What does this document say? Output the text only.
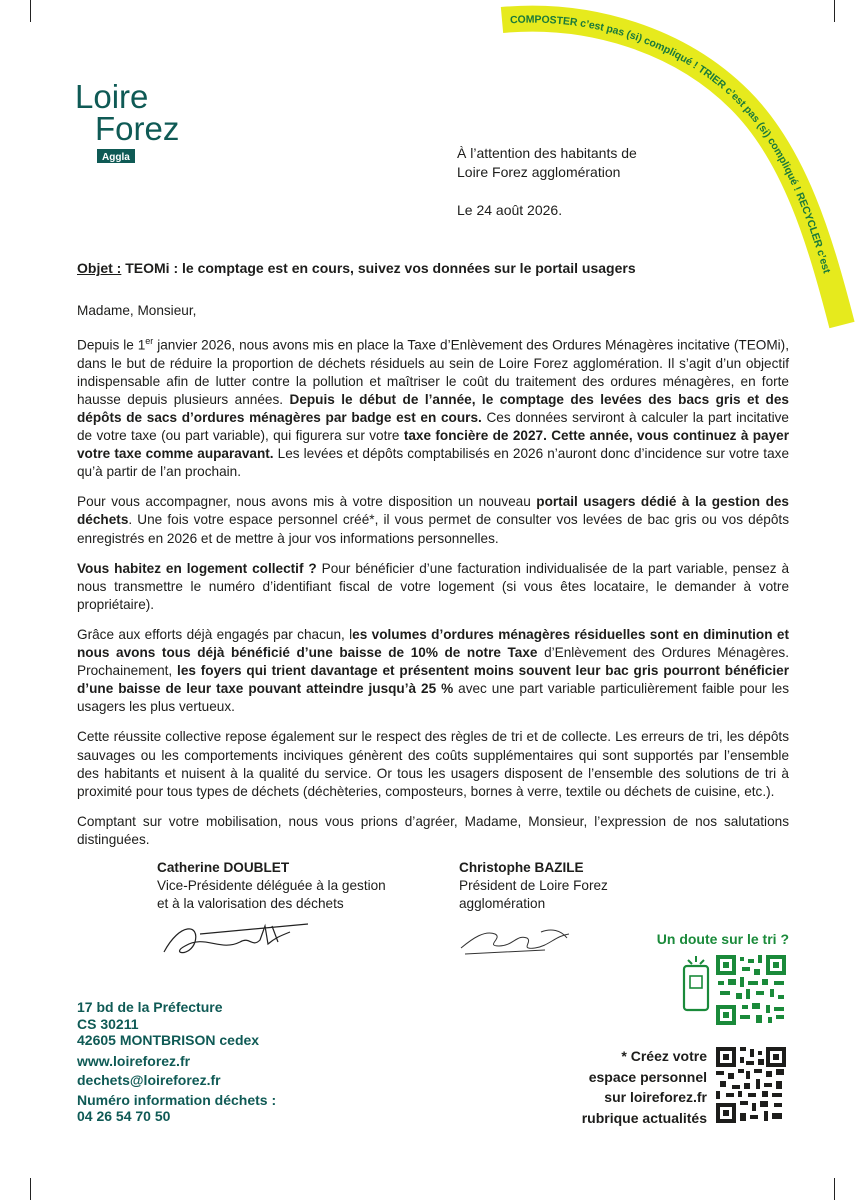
Loire
Forez
Aggla
COMPOSTER c’est pas (si) compliqué ! TRIER c’est pas (si) compliqué ! RECYCLER c’est
À l’attention des habitants de
Loire Forez agglomération
Le 24 août 2026.
Objet : TEOMi : le comptage est en cours, suivez vos données sur le portail usagers

Madame, Monsieur,

Depuis le 1er janvier 2026, nous avons mis en place la Taxe d’Enlèvement des Ordures Ménagères incitative (TEOMi), dans le but de réduire la proportion de déchets résiduels au sein de Loire Forez agglomération. Il s’agit d’un objectif indispensable afin de lutter contre la pollution et maîtriser le coût du traitement des ordures ménagères, en forte hausse depuis plusieurs années. Depuis le début de l’année, le comptage des levées des bacs gris et des dépôts de sacs d’ordures ménagères par badge est en cours. Ces données serviront à calculer la part incitative de votre taxe (ou part variable), qui figurera sur votre taxe foncière de 2027. Cette année, vous continuez à payer votre taxe comme auparavant. Les levées et dépôts comptabilisés en 2026 n’auront donc d’incidence sur votre taxe qu’à partir de l’an prochain.

Pour vous accompagner, nous avons mis à votre disposition un nouveau portail usagers dédié à la gestion des déchets. Une fois votre espace personnel créé*, il vous permet de consulter vos levées de bac gris ou vos dépôts enregistrés en 2026 et de mettre à jour vos informations personnelles.

Vous habitez en logement collectif ? Pour bénéficier d’une facturation individualisée de la part variable, pensez à nous transmettre le numéro d’identifiant fiscal de votre logement (si vous êtes locataire, le demander à votre propriétaire).

Grâce aux efforts déjà engagés par chacun, les volumes d’ordures ménagères résiduelles sont en diminution et nous avons tous déjà bénéficié d’une baisse de 10% de notre Taxe d’Enlèvement des Ordures Ménagères. Prochainement, les foyers qui trient davantage et présentent moins souvent leur bac gris pourront bénéficier d’une baisse de leur taxe pouvant atteindre jusqu’à 25 % avec une part variable particulièrement faible pour les usagers les plus vertueux.

Cette réussite collective repose également sur le respect des règles de tri et de collecte. Les erreurs de tri, les dépôts sauvages ou les comportements inciviques génèrent des coûts supplémentaires qui sont supportés par l’ensemble des habitants et nuisent à la qualité du service. Or tous les usagers disposent de l’ensemble des solutions de tri à proximité pour tous types de déchets (déchèteries, composteurs, bornes à verre, textile ou déchets de cuisine, etc.).

Comptant sur votre mobilisation, nous vous prions d’agréer, Madame, Monsieur, l’expression de nos salutations distinguées.

Catherine DOUBLET
Vice-Présidente déléguée à la gestion
et à la valorisation des déchets
Christophe BAZILE
Président de Loire Forez
agglomération
17 bd de la Préfecture
CS 30211
42605 MONTBRISON cedex
www.loireforez.fr
dechets@loireforez.fr
Numéro information déchets :
04 26 54 70 50
Un doute sur le tri ?
* Créez votre
espace personnel
sur loireforez.fr
rubrique actualités
